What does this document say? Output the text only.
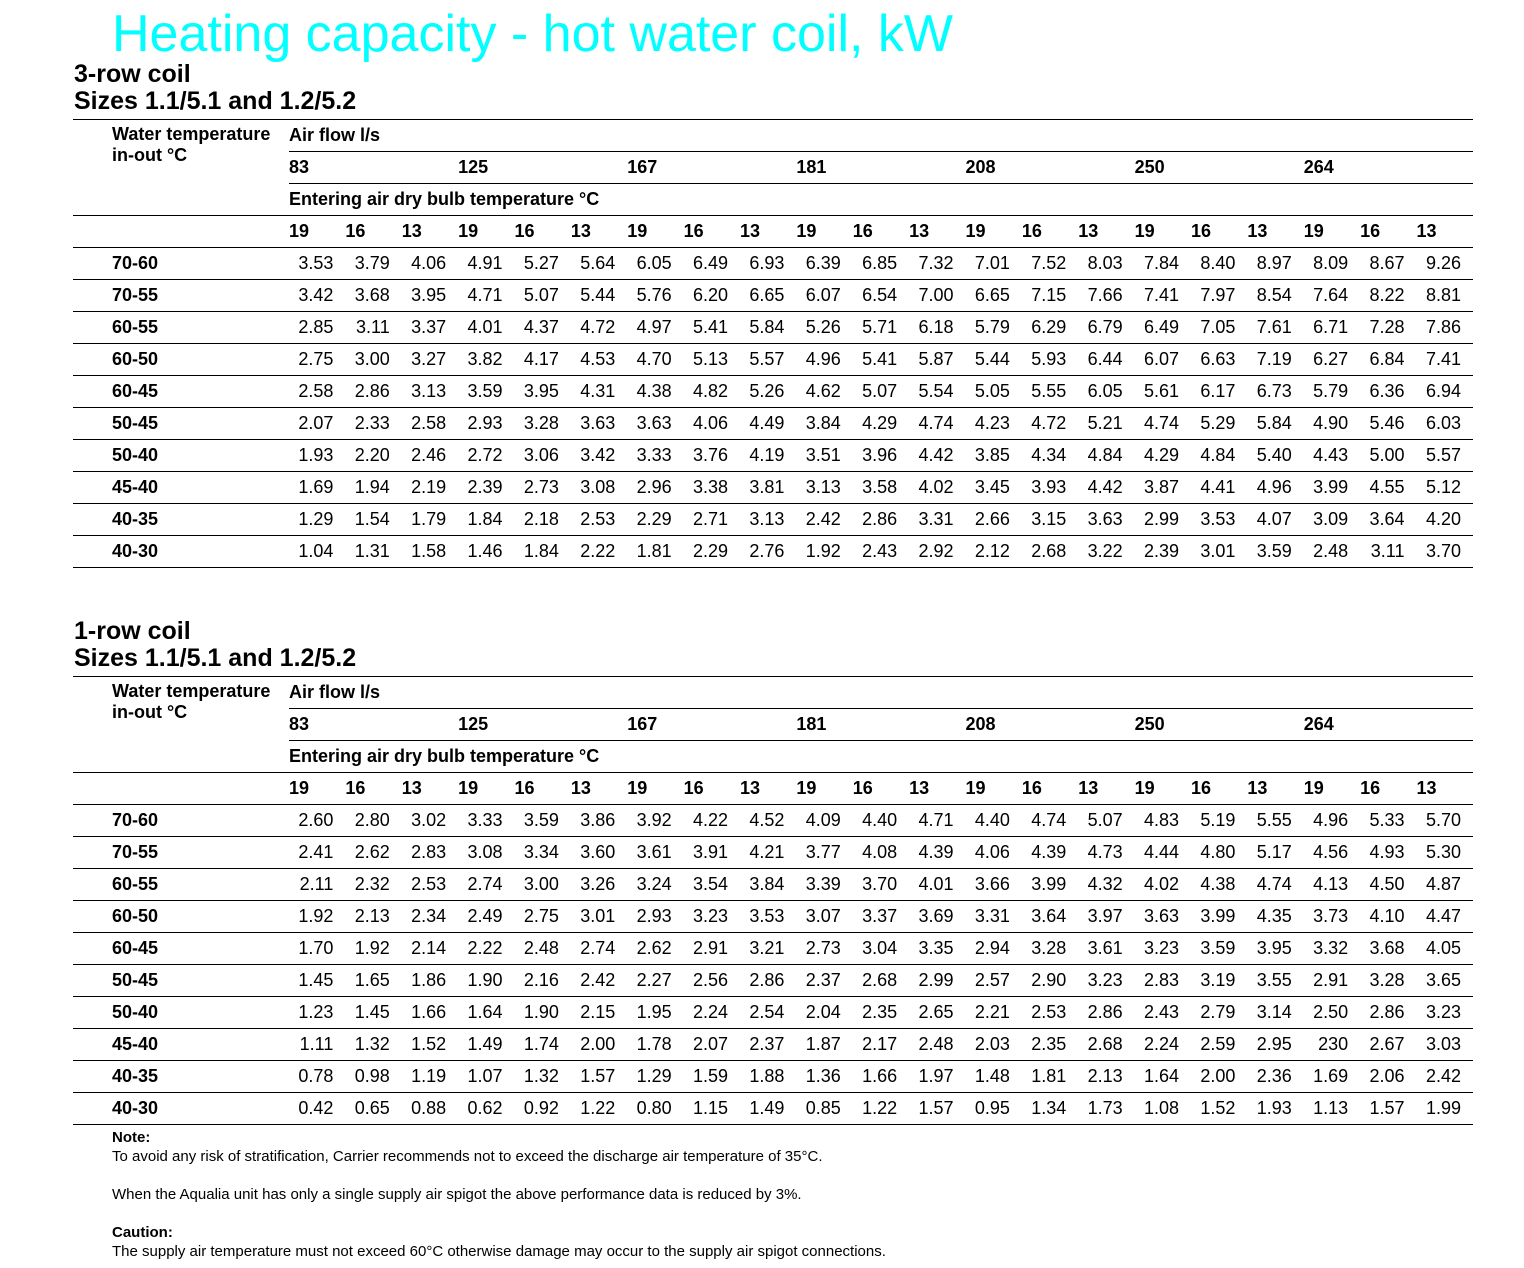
Heating capacity - hot water coil, kW
3-row coil
Sizes 1.1/5.1 and 1.2/5.2
Water temperature in-out °C	Air flow l/s																				
	83			125			167			181			208			250			264		
	Entering air dry bulb temperature °C																				
	19	16	13	19	16	13	19	16	13	19	16	13	19	16	13	19	16	13	19	16	13
70-60	3.53	3.79	4.06	4.91	5.27	5.64	6.05	6.49	6.93	6.39	6.85	7.32	7.01	7.52	8.03	7.84	8.40	8.97	8.09	8.67	9.26
70-55	3.42	3.68	3.95	4.71	5.07	5.44	5.76	6.20	6.65	6.07	6.54	7.00	6.65	7.15	7.66	7.41	7.97	8.54	7.64	8.22	8.81
60-55	2.85	3.11	3.37	4.01	4.37	4.72	4.97	5.41	5.84	5.26	5.71	6.18	5.79	6.29	6.79	6.49	7.05	7.61	6.71	7.28	7.86
60-50	2.75	3.00	3.27	3.82	4.17	4.53	4.70	5.13	5.57	4.96	5.41	5.87	5.44	5.93	6.44	6.07	6.63	7.19	6.27	6.84	7.41
60-45	2.58	2.86	3.13	3.59	3.95	4.31	4.38	4.82	5.26	4.62	5.07	5.54	5.05	5.55	6.05	5.61	6.17	6.73	5.79	6.36	6.94
50-45	2.07	2.33	2.58	2.93	3.28	3.63	3.63	4.06	4.49	3.84	4.29	4.74	4.23	4.72	5.21	4.74	5.29	5.84	4.90	5.46	6.03
50-40	1.93	2.20	2.46	2.72	3.06	3.42	3.33	3.76	4.19	3.51	3.96	4.42	3.85	4.34	4.84	4.29	4.84	5.40	4.43	5.00	5.57
45-40	1.69	1.94	2.19	2.39	2.73	3.08	2.96	3.38	3.81	3.13	3.58	4.02	3.45	3.93	4.42	3.87	4.41	4.96	3.99	4.55	5.12
40-35	1.29	1.54	1.79	1.84	2.18	2.53	2.29	2.71	3.13	2.42	2.86	3.31	2.66	3.15	3.63	2.99	3.53	4.07	3.09	3.64	4.20
40-30	1.04	1.31	1.58	1.46	1.84	2.22	1.81	2.29	2.76	1.92	2.43	2.92	2.12	2.68	3.22	2.39	3.01	3.59	2.48	3.11	3.70
1-row coil
Sizes 1.1/5.1 and 1.2/5.2
Water temperature in-out °C	Air flow l/s																				
	83			125			167			181			208			250			264		
	Entering air dry bulb temperature °C																				
	19	16	13	19	16	13	19	16	13	19	16	13	19	16	13	19	16	13	19	16	13
70-60	2.60	2.80	3.02	3.33	3.59	3.86	3.92	4.22	4.52	4.09	4.40	4.71	4.40	4.74	5.07	4.83	5.19	5.55	4.96	5.33	5.70
70-55	2.41	2.62	2.83	3.08	3.34	3.60	3.61	3.91	4.21	3.77	4.08	4.39	4.06	4.39	4.73	4.44	4.80	5.17	4.56	4.93	5.30
60-55	2.11	2.32	2.53	2.74	3.00	3.26	3.24	3.54	3.84	3.39	3.70	4.01	3.66	3.99	4.32	4.02	4.38	4.74	4.13	4.50	4.87
60-50	1.92	2.13	2.34	2.49	2.75	3.01	2.93	3.23	3.53	3.07	3.37	3.69	3.31	3.64	3.97	3.63	3.99	4.35	3.73	4.10	4.47
60-45	1.70	1.92	2.14	2.22	2.48	2.74	2.62	2.91	3.21	2.73	3.04	3.35	2.94	3.28	3.61	3.23	3.59	3.95	3.32	3.68	4.05
50-45	1.45	1.65	1.86	1.90	2.16	2.42	2.27	2.56	2.86	2.37	2.68	2.99	2.57	2.90	3.23	2.83	3.19	3.55	2.91	3.28	3.65
50-40	1.23	1.45	1.66	1.64	1.90	2.15	1.95	2.24	2.54	2.04	2.35	2.65	2.21	2.53	2.86	2.43	2.79	3.14	2.50	2.86	3.23
45-40	1.11	1.32	1.52	1.49	1.74	2.00	1.78	2.07	2.37	1.87	2.17	2.48	2.03	2.35	2.68	2.24	2.59	2.95	230	2.67	3.03
40-35	0.78	0.98	1.19	1.07	1.32	1.57	1.29	1.59	1.88	1.36	1.66	1.97	1.48	1.81	2.13	1.64	2.00	2.36	1.69	2.06	2.42
40-30	0.42	0.65	0.88	0.62	0.92	1.22	0.80	1.15	1.49	0.85	1.22	1.57	0.95	1.34	1.73	1.08	1.52	1.93	1.13	1.57	1.99
Note:
To avoid any risk of stratification, Carrier recommends not to exceed the discharge air temperature of 35°C.
When the Aqualia unit has only a single supply air spigot the above performance data is reduced by 3%.
Caution:
The supply air temperature must not exceed 60°C otherwise damage may occur to the supply air spigot connections.
